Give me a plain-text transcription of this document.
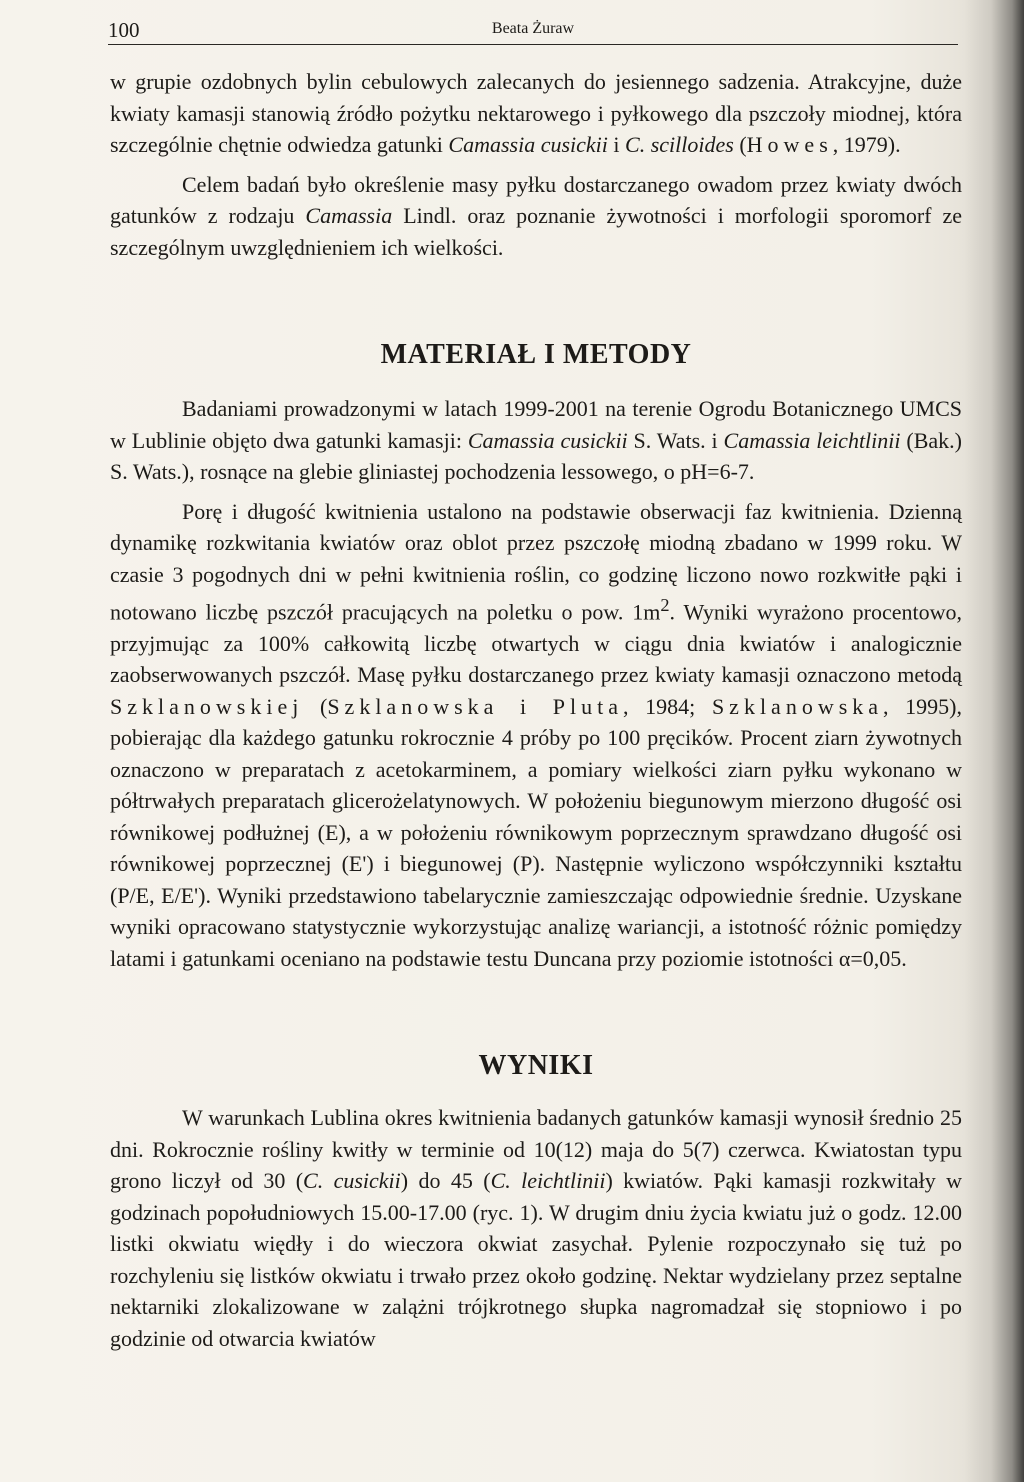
100	Beata Żuraw

w grupie ozdobnych bylin cebulowych zalecanych do jesiennego sadzenia. Atrakcyjne, duże kwiaty kamasji stanowią źródło pożytku nektarowego i pyłkowego dla pszczoły miodnej, która szczególnie chętnie odwiedza gatunki Camassia cusickii i C. scilloides (Howes, 1979).

Celem badań było określenie masy pyłku dostarczanego owadom przez kwiaty dwóch gatunków z rodzaju Camassia Lindl. oraz poznanie żywotności i morfologii sporomorf ze szczególnym uwzględnieniem ich wielkości.

MATERIAŁ I METODY

Badaniami prowadzonymi w latach 1999-2001 na terenie Ogrodu Botanicznego UMCS w Lublinie objęto dwa gatunki kamasji: Camassia cusickii S. Wats. i Camassia leichtlinii (Bak.) S. Wats.), rosnące na glebie gliniastej pochodzenia lessowego, o pH=6-7.

Porę i długość kwitnienia ustalono na podstawie obserwacji faz kwitnienia. Dzienną dynamikę rozkwitania kwiatów oraz oblot przez pszczołę miodną zbadano w 1999 roku. W czasie 3 pogodnych dni w pełni kwitnienia roślin, co godzinę liczono nowo rozkwitłe pąki i notowano liczbę pszczół pracujących na poletku o pow. $1m^2$. Wyniki wyrażono procentowo, przyjmując za 100% całkowitą liczbę otwartych w ciągu dnia kwiatów i analogicznie zaobserwowanych pszczół. Masę pyłku dostarczanego przez kwiaty kamasji oznaczono metodą Szklanowskiej (Szklanowska i Pluta, 1984; Szklanowska, 1995), pobierając dla każdego gatunku rokrocznie 4 próby po 100 pręcików. Procent ziarn żywotnych oznaczono w preparatach z acetokarminem, a pomiary wielkości ziarn pyłku wykonano w półtrwałych preparatach glicerożelatynowych. W położeniu biegunowym mierzono długość osi równikowej podłużnej (E), a w położeniu równikowym poprzecznym sprawdzano długość osi równikowej poprzecznej (E') i biegunowej (P). Następnie wyliczono współczynniki kształtu (P/E, E/E'). Wyniki przedstawiono tabelarycznie zamieszczając odpowiednie średnie. Uzyskane wyniki opracowano statystycznie wykorzystując analizę wariancji, a istotność różnic pomiędzy latami i gatunkami oceniano na podstawie testu Duncana przy poziomie istotności α=0,05.

WYNIKI

W warunkach Lublina okres kwitnienia badanych gatunków kamasji wynosił średnio 25 dni. Rokrocznie rośliny kwitły w terminie od 10(12) maja do 5(7) czerwca. Kwiatostan typu grono liczył od 30 (C. cusickii) do 45 (C. leichtlinii) kwiatów. Pąki kamasji rozkwitały w godzinach popołudniowych 15.00-17.00 (ryc. 1). W drugim dniu życia kwiatu już o godz. 12.00 listki okwiatu więdły i do wieczora okwiat zasychał. Pylenie rozpoczynało się tuż po rozchyleniu się listków okwiatu i trwało przez około godzinę. Nektar wydzielany przez septalne nektarniki zlokalizowane w zalążni trójkrotnego słupka nagromadzał się stopniowo i po godzinie od otwarcia kwiatów
